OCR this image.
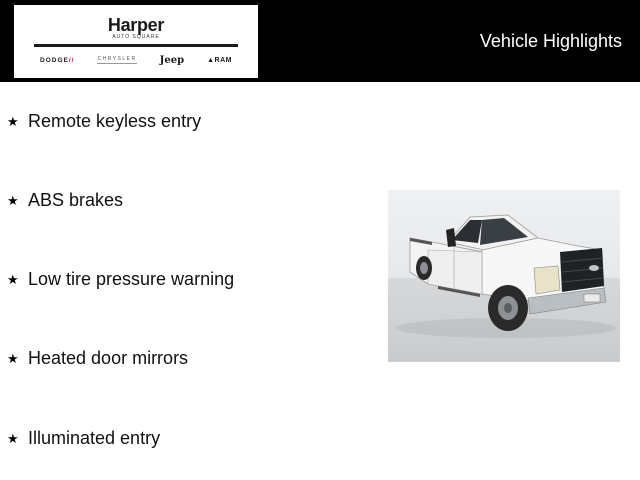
Harper
AUTO SQUARE
DODGE//	CHRYSLER Jeep	▲RAM
Vehicle Highlights
★ Remote keyless entry
★ ABS brakes
★ Low tire pressure warning
★ Heated door mirrors
★ Illuminated entry
